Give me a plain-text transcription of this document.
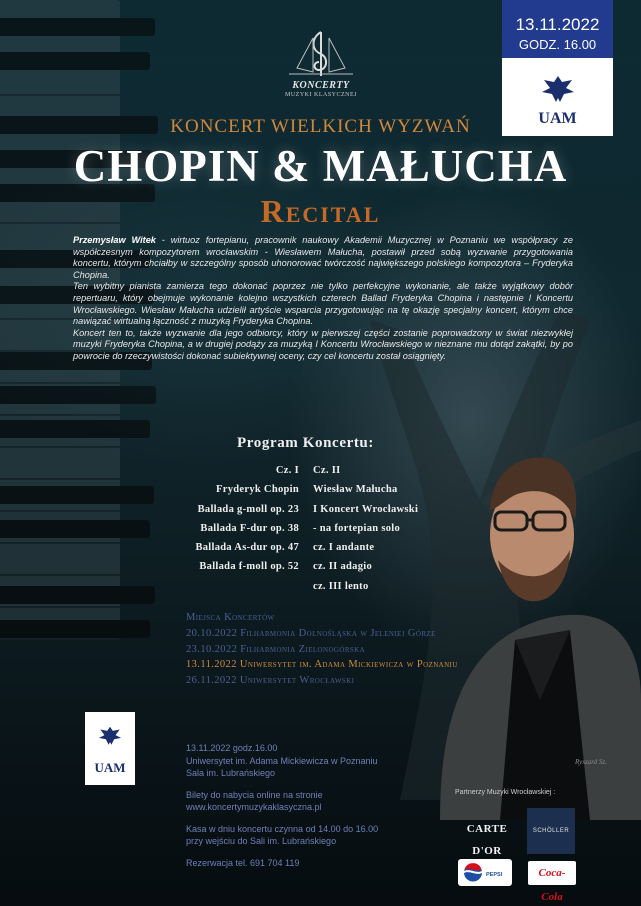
13.11.2022
GODZ. 16.00
UAM
KONCERTY
MUZYKI KLASYCZNEJ
KONCERT WIELKICH WYZWAŃ
CHOPIN & MAŁUCHA
Recital

Przemysław Witek - wirtuoz fortepianu, pracownik naukowy Akademii Muzycznej w Poznaniu we współpracy ze współczesnym kompozytorem wrocławskim - Wiesławem Małucha, postawił przed sobą wyzwanie przygotowania koncertu, którym chciałby w szczególny sposób uhonorować twórczość największego polskiego kompozytora – Fryderyka Chopina.

Ten wybitny pianista zamierza tego dokonać poprzez nie tylko perfekcyjne wykonanie, ale także wyjątkowy dobór repertuaru, który obejmuje wykonanie kolejno wszystkich czterech Ballad Fryderyka Chopina i następnie I Koncertu Wrocławskiego. Wiesław Małucha udzielił artyście wsparcia przygotowując na tę okazję specjalny koncert, którym chce nawiązać wirtualną łączność z muzyką Fryderyka Chopina.

Koncert ten to, także wyzwanie dla jego odbiorcy, który w pierwszej części zostanie poprowadzony w świat niezwykłej muzyki Fryderyka Chopina, a w drugiej podąży za muzyką I Koncertu Wrocławskiego w nieznane mu dotąd zakątki, by po powrocie do rzeczywistości dokonać subiektywnej oceny, czy cel koncertu został osiągnięty.

Program Koncertu:
Cz. I
Fryderyk Chopin
Ballada g-moll op. 23
Ballada F-dur op. 38
Ballada As-dur op. 47
Ballada f-moll op. 52
Cz. II
Wiesław Małucha
I Koncert Wrocławski
- na fortepian solo
cz. I andante
cz. II adagio
cz. III lento
Miejsca Koncertów
20.10.2022 Filharmonia Dolnośląska w Jeleniej Górze
23.10.2022 Filharmonia Zielonogórska
13.11.2022 Uniwersytet im. Adama Mickiewicza w Poznaniu
26.11.2022 Uniwersytet Wrocławski
UAM

13.11.2022 godz.16.00
Uniwersytet im. Adama Mickiewicza w Poznaniu
Sala im. Lubrańskiego

Bilety do nabycia online na stronie
www.koncertymuzykaklasyczna.pl

Kasa w dniu koncertu czynna od 14.00 do 16.00
przy wejściu do Sali im. Lubrańskiego

Rezerwacja tel. 691 704 119

Partnerzy Muzyki Wrocławskiej :
CARTE D'OR
SCHÖLLER
PEPSI	Coca-Cola
Ryszard Sz.
